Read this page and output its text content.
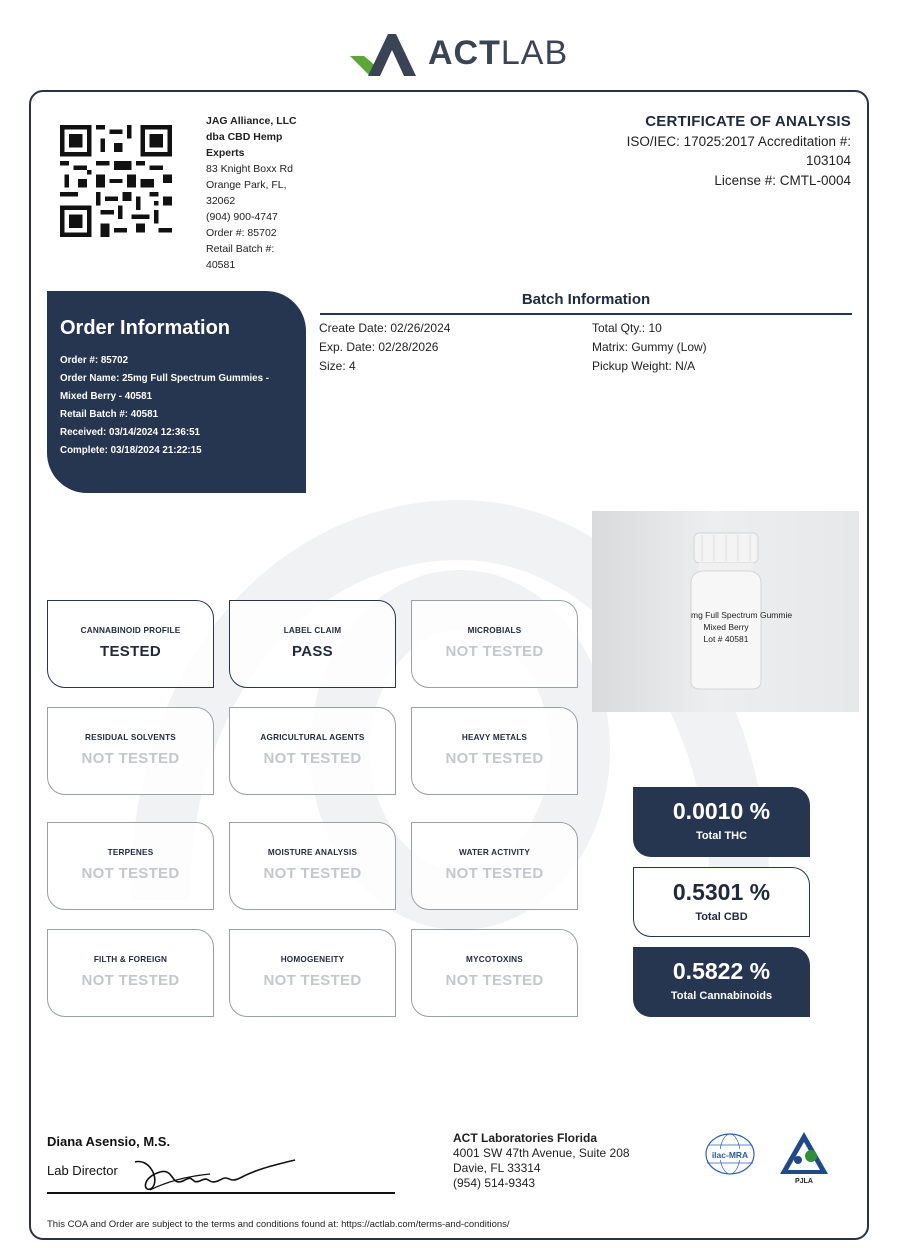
ACTLAB
JAG Alliance, LLC
dba CBD Hemp
Experts
83 Knight Boxx Rd
Orange Park, FL,
32062
(904) 900-4747
Order #: 85702
Retail Batch #:
40581
CERTIFICATE OF ANALYSIS
ISO/IEC: 17025:2017 Accreditation #:
103104
License #: CMTL-0004
Order Information
Order #: 85702
Order Name: 25mg Full Spectrum Gummies -
Mixed Berry - 40581
Retail Batch #: 40581
Received: 03/14/2024 12:36:51
Complete: 03/18/2024 21:22:15
Batch Information
Create Date: 02/26/2024
Exp. Date: 02/28/2026
Size: 4
Total Qty.: 10
Matrix: Gummy (Low)
Pickup Weight: N/A
mg Full Spectrum Gummie
Mixed Berry
Lot # 40581
CANNABINOID PROFILE
TESTED
LABEL CLAIM
PASS
MICROBIALS
NOT TESTED
RESIDUAL SOLVENTS
NOT TESTED
AGRICULTURAL AGENTS
NOT TESTED
HEAVY METALS
NOT TESTED
TERPENES
NOT TESTED
MOISTURE ANALYSIS
NOT TESTED
WATER ACTIVITY
NOT TESTED
FILTH & FOREIGN
NOT TESTED
HOMOGENEITY
NOT TESTED
MYCOTOXINS
NOT TESTED
0.0010 %
Total THC
0.5301 %
Total CBD
0.5822 %
Total Cannabinoids
Diana Asensio, M.S.
Lab Director
ACT Laboratories Florida
4001 SW 47th Avenue, Suite 208
Davie, FL 33314
(954) 514-9343
ilac-MRA
PJLA
This COA and Order are subject to the terms and conditions found at: https://actlab.com/terms-and-conditions/
